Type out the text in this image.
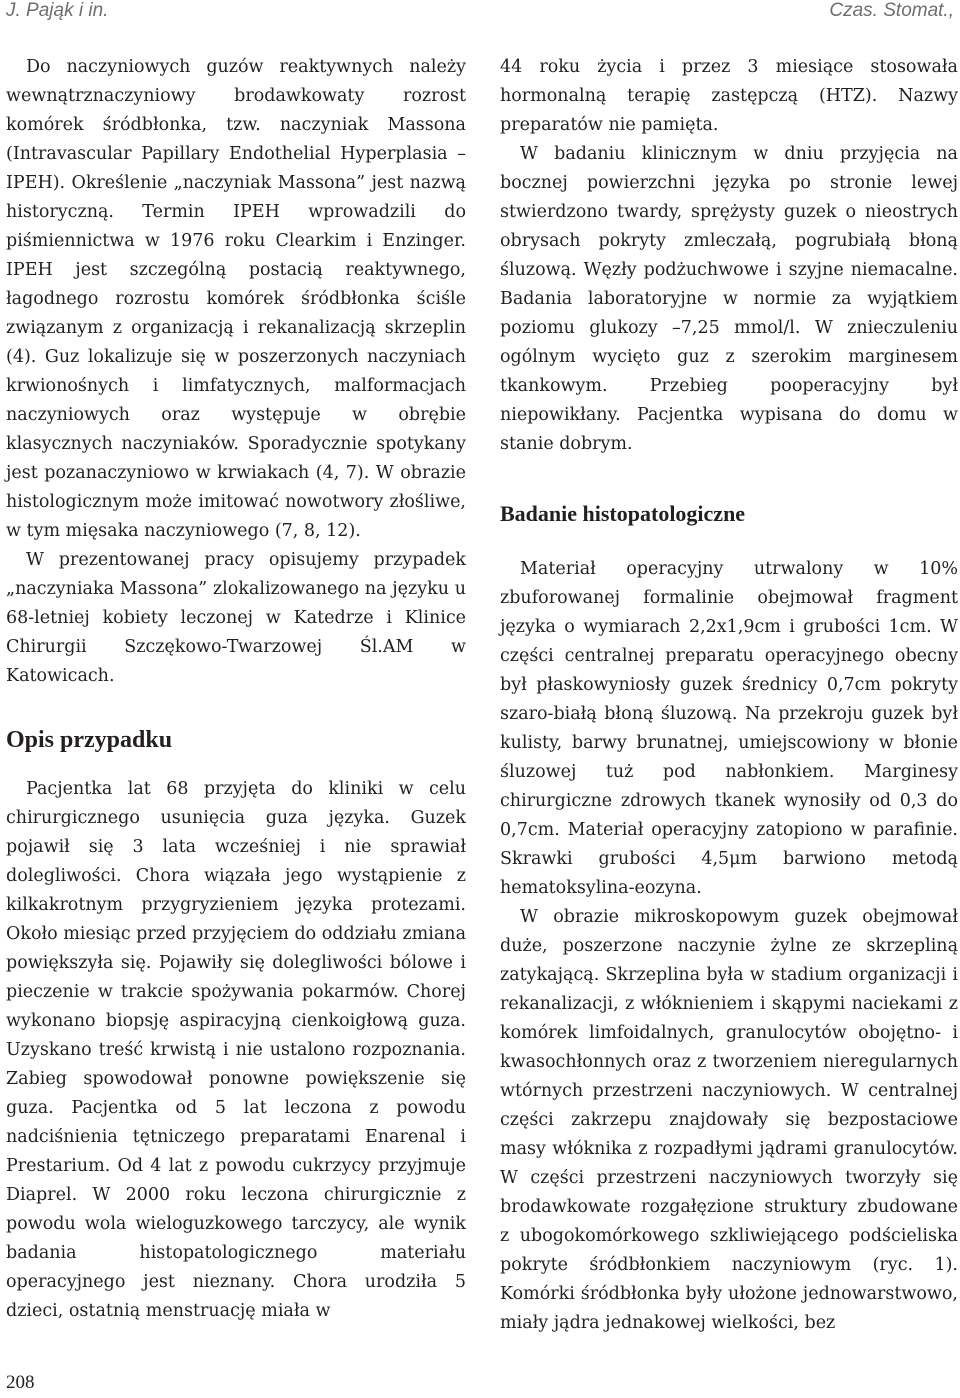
J. Pająk i in.	Czas. Stomat.,

Do naczyniowych guzów reaktywnych należy wewnątrznaczyniowy brodawkowaty rozrost komórek śródbłonka, tzw. naczyniak Massona (Intravascular Papillary Endothelial Hyperplasia – IPEH). Określenie „naczyniak Massona” jest nazwą historyczną. Termin IPEH wprowadzili do piśmiennictwa w 1976 roku Clearkim i Enzinger. IPEH jest szczególną postacią reaktywnego, łagodnego rozrostu komórek śródbłonka ściśle związanym z organizacją i rekanalizacją skrzeplin (4). Guz lokalizuje się w poszerzonych naczyniach krwionośnych i limfatycznych, malformacjach naczyniowych oraz występuje w obrębie klasycznych naczyniaków. Sporadycznie spotykany jest pozanaczyniowo w krwiakach (4, 7). W obrazie histologicznym może imitować nowotwory złośliwe, w tym mięsaka naczyniowego (7, 8, 12).

W prezentowanej pracy opisujemy przypadek „naczyniaka Massona” zlokalizowanego na języku u 68-letniej kobiety leczonej w Katedrze i Klinice Chirurgii Szczękowo-Twarzowej Śl.AM w Katowicach.

Opis przypadku

Pacjentka lat 68 przyjęta do kliniki w celu chirurgicznego usunięcia guza języka. Guzek pojawił się 3 lata wcześniej i nie sprawiał dolegliwości. Chora wiązała jego wystąpienie z kilkakrotnym przygryzieniem języka protezami. Około miesiąc przed przyjęciem do oddziału zmiana powiększyła się. Pojawiły się dolegliwości bólowe i pieczenie w trakcie spożywania pokarmów. Chorej wykonano biopsję aspiracyjną cienkoigłową guza. Uzyskano treść krwistą i nie ustalono rozpoznania. Zabieg spowodował ponowne powiększenie się guza. Pacjentka od 5 lat leczona z powodu nadciśnienia tętniczego preparatami Enarenal i Prestarium. Od 4 lat z powodu cukrzycy przyjmuje Diaprel. W 2000 roku leczona chirurgicznie z powodu wola wieloguzkowego tarczycy, ale wynik badania histopatologicznego materiału operacyjnego jest nieznany. Chora urodziła 5 dzieci, ostatnią menstruację miała w

44 roku życia i przez 3 miesiące stosowała hormonalną terapię zastępczą (HTZ). Nazwy preparatów nie pamięta.

W badaniu klinicznym w dniu przyjęcia na bocznej powierzchni języka po stronie lewej stwierdzono twardy, sprężysty guzek o nieostrych obrysach pokryty zmleczałą, pogrubiałą błoną śluzową. Węzły podżuchwowe i szyjne niemacalne. Badania laboratoryjne w normie za wyjątkiem poziomu glukozy –7,25 mmol/l. W znieczuleniu ogólnym wycięto guz z szerokim marginesem tkankowym. Przebieg pooperacyjny był niepowikłany. Pacjentka wypisana do domu w stanie dobrym.

Badanie histopatologiczne

Materiał operacyjny utrwalony w 10% zbuforowanej formalinie obejmował fragment języka o wymiarach 2,2x1,9cm i grubości 1cm. W części centralnej preparatu operacyjnego obecny był płaskowyniosły guzek średnicy 0,7cm pokryty szaro-białą błoną śluzową. Na przekroju guzek był kulisty, barwy brunatnej, umiejscowiony w błonie śluzowej tuż pod nabłonkiem. Marginesy chirurgiczne zdrowych tkanek wynosiły od 0,3 do 0,7cm. Materiał operacyjny zatopiono w parafinie. Skrawki grubości 4,5μm barwiono metodą hematoksylina-eozyna.

W obrazie mikroskopowym guzek obejmował duże, poszerzone naczynie żylne ze skrzepliną zatykającą. Skrzeplina była w stadium organizacji i rekanalizacji, z włóknieniem i skąpymi naciekami z komórek limfoidalnych, granulocytów obojętno- i kwasochłonnych oraz z tworzeniem nieregularnych wtórnych przestrzeni naczyniowych. W centralnej części zakrzepu znajdowały się bezpostaciowe masy włóknika z rozpadłymi jądrami granulocytów. W części przestrzeni naczyniowych tworzyły się brodawkowate rozgałęzione struktury zbudowane z ubogokomórkowego szkliwiejącego podścieliska pokryte śródbłonkiem naczyniowym (ryc. 1). Komórki śródbłonka były ułożone jednowarstwowo, miały jądra jednakowej wielkości, bez

208
